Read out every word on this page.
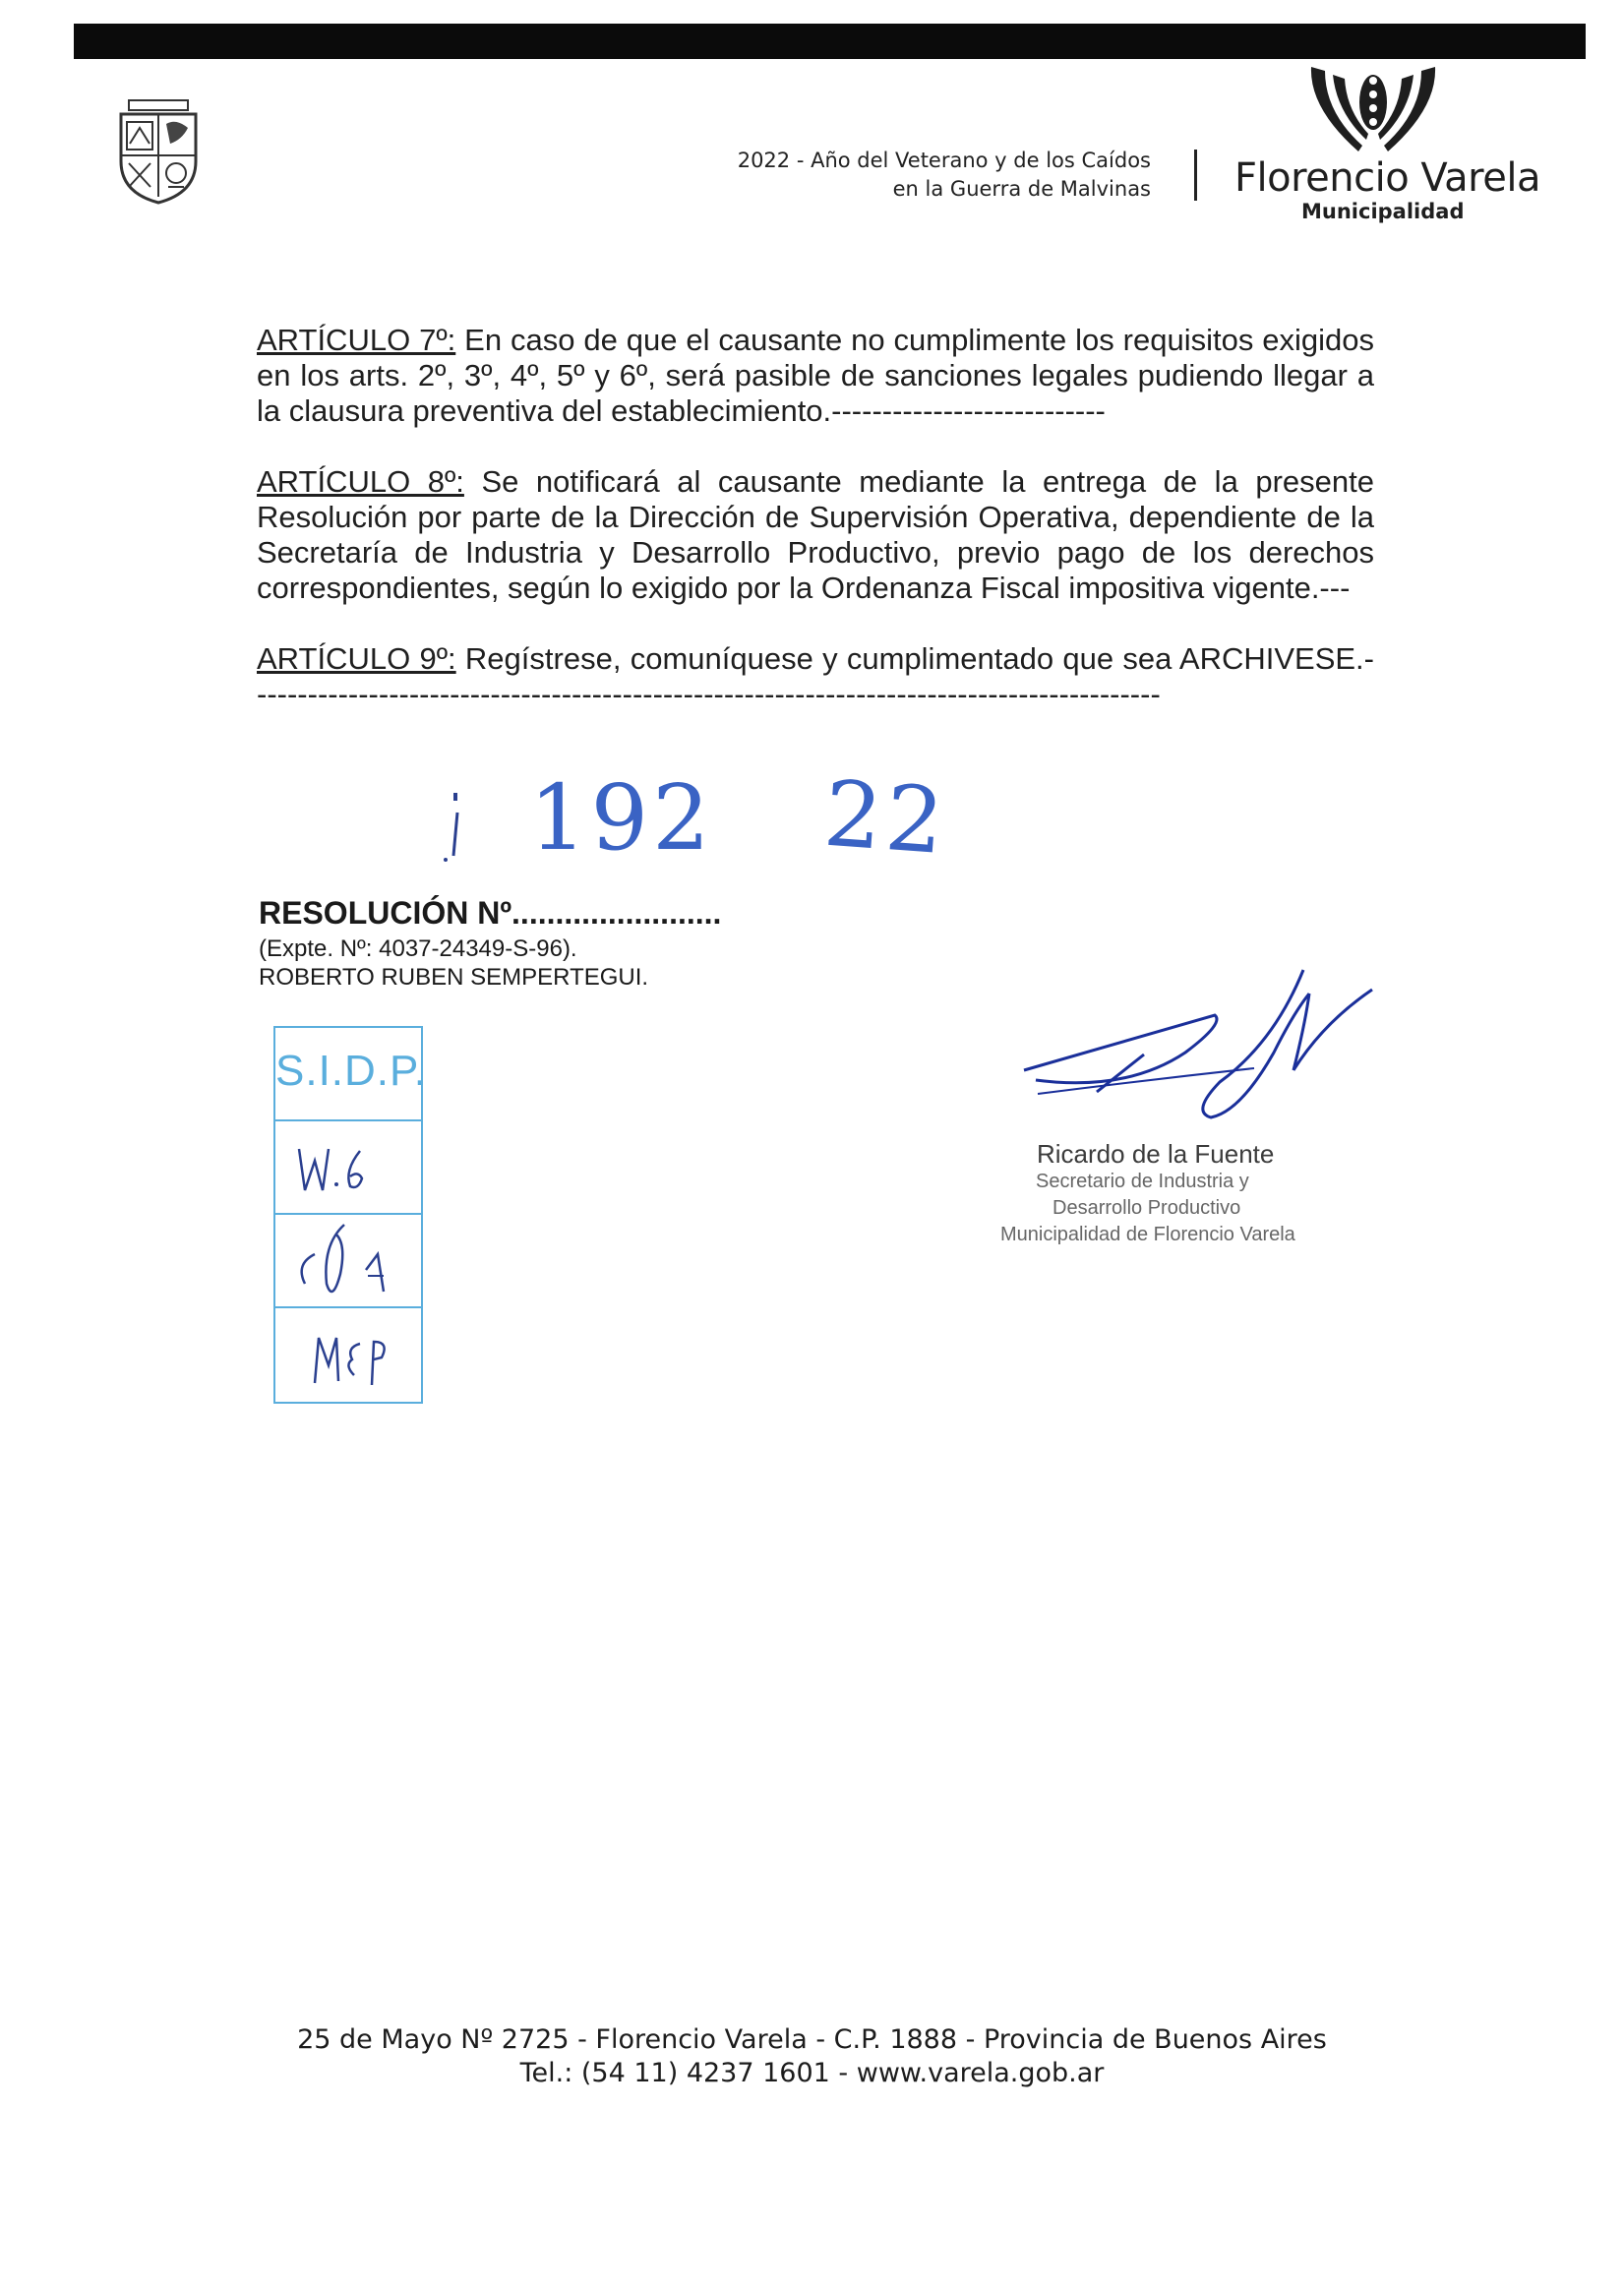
2022 - Año del Veterano y de los Caídos
en la Guerra de Malvinas Florencio Varela
Municipalidad
ARTÍCULO 7º: En caso de que el causante no cumplimente los requisitos exigidos en los arts. 2º, 3º, 4º, 5º y 6º, será pasible de sanciones legales pudiendo llegar a la clausura preventiva del establecimiento.---------------------------
ARTÍCULO 8º: Se notificará al causante mediante la entrega de la presente Resolución por parte de la Dirección de Supervisión Operativa, dependiente de la Secretaría de Industria y Desarrollo Productivo, previo pago de los derechos correspondientes, según lo exigido por la Ordenanza Fiscal impositiva vigente.---
ARTÍCULO 9º: Regístrese, comuníquese y cumplimentado que sea ARCHIVESE.------------------------------------------------------------------------------------------
192 22
RESOLUCIÓN Nº........................
(Expte. Nº: 4037-24349-S-96).
ROBERTO RUBEN SEMPERTEGUI.
S.I.D.P.
Ricardo de la Fuente
Secretario de Industria y
Desarrollo Productivo
Municipalidad de Florencio Varela
25 de Mayo Nº 2725 - Florencio Varela - C.P. 1888 - Provincia de Buenos Aires
Tel.: (54 11) 4237 1601 - www.varela.gob.ar
